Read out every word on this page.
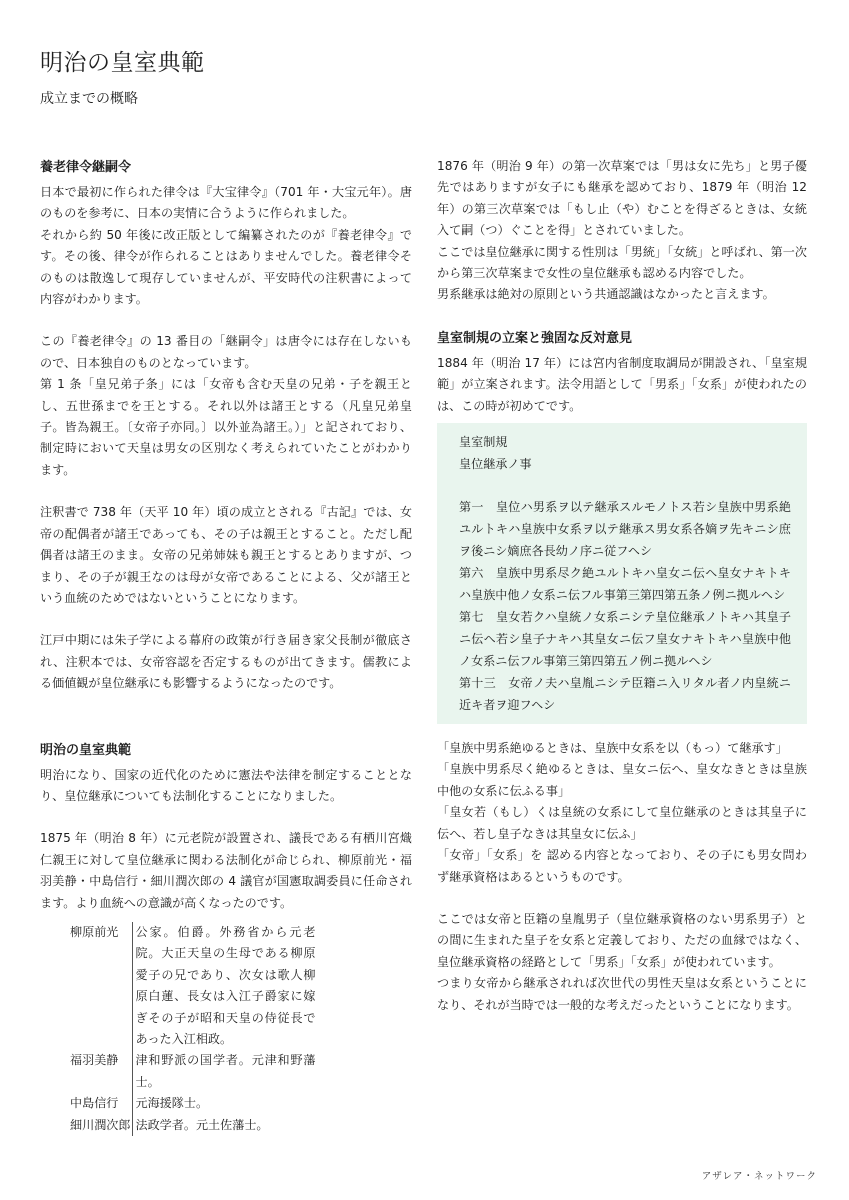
明治の皇室典範

成立までの概略

養老律令継嗣令

日本で最初に作られた律令は『大宝律令』（701 年・大宝元年）。唐のものを参考に、日本の実情に合うように作られました。

それから約 50 年後に改正版として編纂されたのが『養老律令』です。その後、律令が作られることはありませんでした。養老律令そのものは散逸して現存していませんが、平安時代の注釈書によって内容がわかります。

この『養老律令』の 13 番目の「継嗣令」は唐令には存在しないもので、日本独自のものとなっています。

第 1 条「皇兄弟子条」には「女帝も含む天皇の兄弟・子を親王とし、五世孫までを王とする。それ以外は諸王とする（凡皇兄弟皇子。皆為親王。〔女帝子亦同。〕以外並為諸王。）」と記されており、制定時において天皇は男女の区別なく考えられていたことがわかります。

注釈書で 738 年（天平 10 年）頃の成立とされる『古記』では、女帝の配偶者が諸王であっても、その子は親王とすること。ただし配偶者は諸王のまま。女帝の兄弟姉妹も親王とするとありますが、つまり、その子が親王なのは母が女帝であることによる、父が諸王という血統のためではないということになります。

江戸中期には朱子学による幕府の政策が行き届き家父長制が徹底され、注釈本では、女帝容認を否定するものが出てきます。儒教による価値観が皇位継承にも影響するようになったのです。

明治の皇室典範

明治になり、国家の近代化のために憲法や法律を制定することとなり、皇位継承についても法制化することになりました。

1875 年（明治 8 年）に元老院が設置され、議長である有栖川宮熾仁親王に対して皇位継承に関わる法制化が命じられ、柳原前光・福羽美静・中島信行・細川潤次郎の 4 議官が国憲取調委員に任命されます。より血統への意識が高くなったのです。

柳原前光	公家。伯爵。外務省から元老院。大正天皇の生母である柳原愛子の兄であり、次女は歌人柳原白蓮、長女は入江子爵家に嫁ぎその子が昭和天皇の侍従長であった入江相政。
福羽美静	津和野派の国学者。元津和野藩士。
中島信行	元海援隊士。
細川潤次郎	法政学者。元土佐藩士。

1876 年（明治 9 年）の第一次草案では「男は女に先ち」と男子優先ではありますが女子にも継承を認めており、1879 年（明治 12 年）の第三次草案では「もし止（や）むことを得ざるときは、女統入て嗣（つ）ぐことを得」とされていました。

ここでは皇位継承に関する性別は「男統」「女統」と呼ばれ、第一次から第三次草案まで女性の皇位継承も認める内容でした。

男系継承は絶対の原則という共通認識はなかったと言えます。

皇室制規の立案と強固な反対意見

1884 年（明治 17 年）には宮内省制度取調局が開設され、「皇室規範」が立案されます。法令用語として「男系」「女系」が使われたのは、この時が初めてです。

皇室制規

皇位継承ノ事

第一　皇位ハ男系ヲ以テ継承スルモノトス若シ皇族中男系絶ユルトキハ皇族中女系ヲ以テ継承ス男女系各嫡ヲ先キニシ庶ヲ後ニシ嫡庶各長幼ノ序ニ従フヘシ

第六　皇族中男系尽ク絶ユルトキハ皇女ニ伝ヘ皇女ナキトキハ皇族中他ノ女系ニ伝フル事第三第四第五条ノ例ニ拠ルヘシ

第七　皇女若クハ皇統ノ女系ニシテ皇位継承ノトキハ其皇子ニ伝ヘ若シ皇子ナキハ其皇女ニ伝フ皇女ナキトキハ皇族中他ノ女系ニ伝フル事第三第四第五ノ例ニ拠ルヘシ

第十三　女帝ノ夫ハ皇胤ニシテ臣籍ニ入リタル者ノ内皇統ニ近キ者ヲ迎フヘシ

「皇族中男系絶ゆるときは、皇族中女系を以（もっ）て継承す」

「皇族中男系尽く絶ゆるときは、皇女ニ伝へ、皇女なきときは皇族中他の女系に伝ふる事」

「皇女若（もし）くは皇統の女系にして皇位継承のときは其皇子に伝へ、若し皇子なきは其皇女に伝ふ」

「女帝」「女系」を 認める内容となっており、その子にも男女問わず継承資格はあるというものです。

ここでは女帝と臣籍の皇胤男子（皇位継承資格のない男系男子）との間に生まれた皇子を女系と定義しており、ただの血縁ではなく、皇位継承資格の経路として「男系」「女系」が使われています。

つまり女帝から継承されれば次世代の男性天皇は女系ということになり、それが当時では一般的な考えだったということになります。

アザレア・ネットワーク
